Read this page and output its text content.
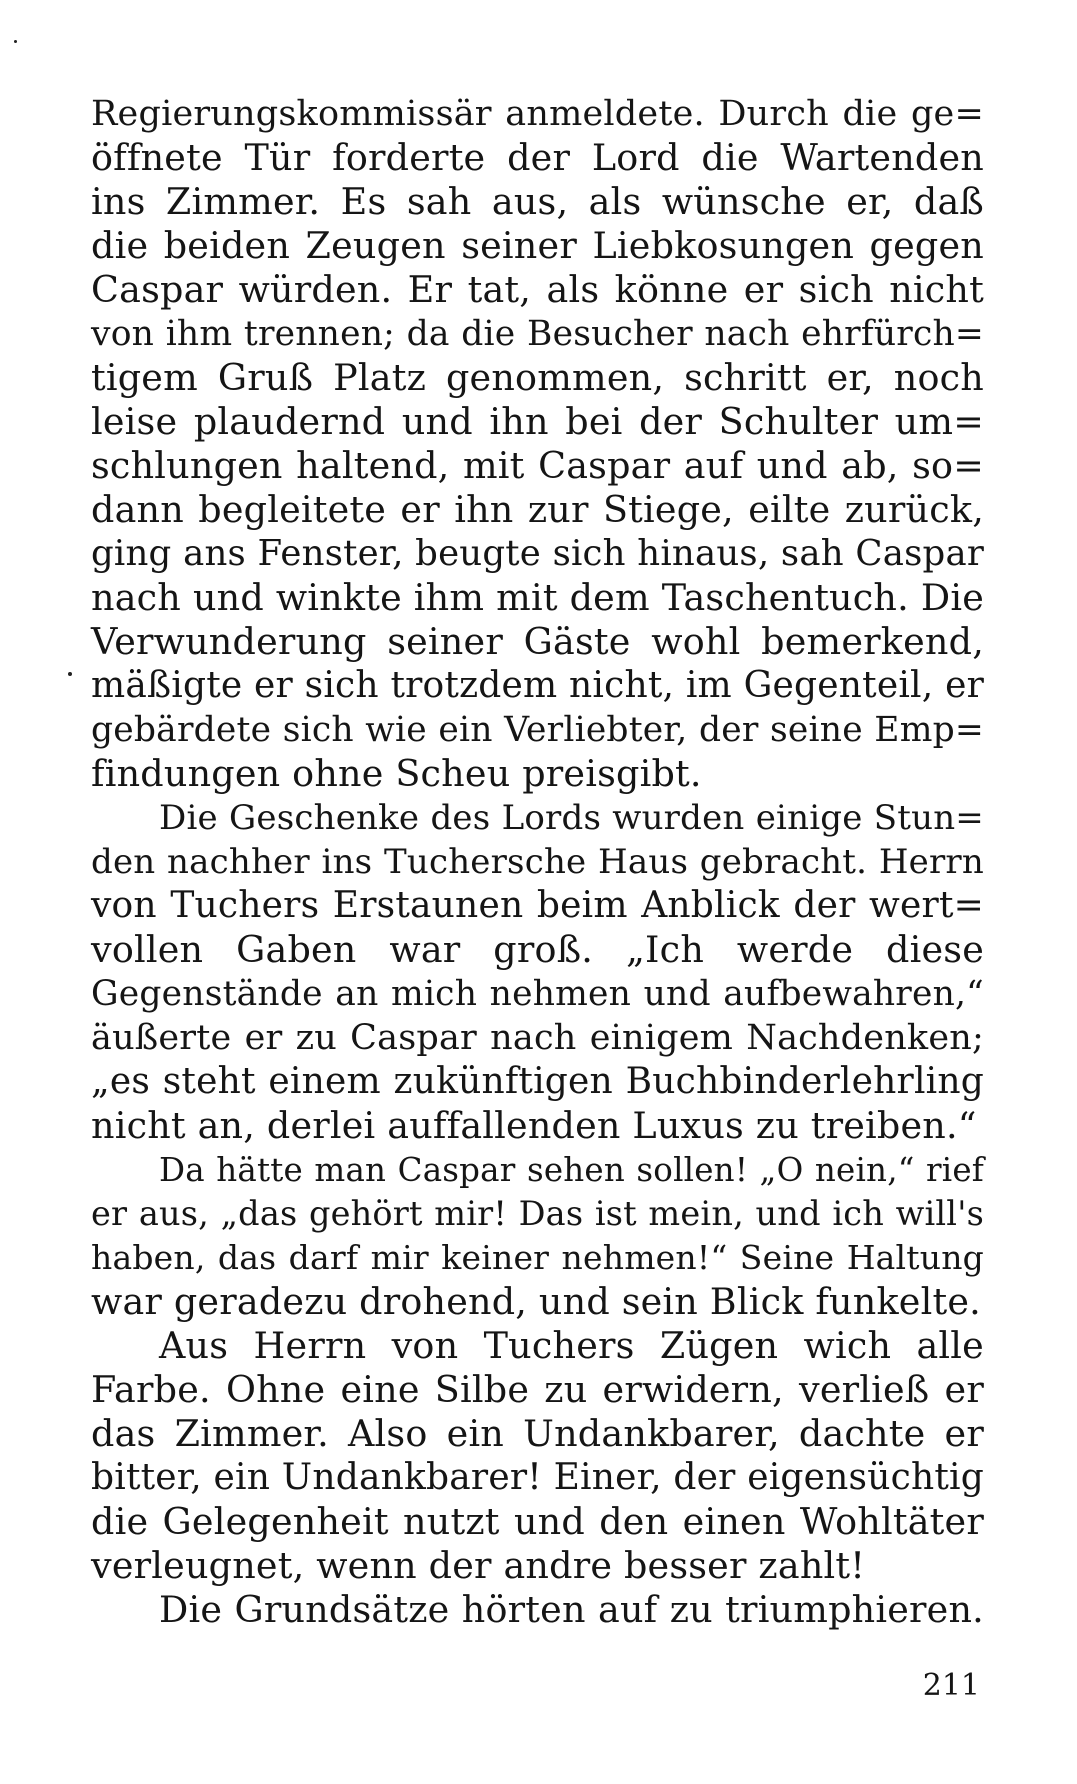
Regierungskommissär anmeldete. Durch die ge=
öffnete Tür forderte der Lord die Wartenden
ins Zimmer. Es sah aus, als wünsche er, daß
die beiden Zeugen seiner Liebkosungen gegen
Caspar würden. Er tat, als könne er sich nicht
von ihm trennen; da die Besucher nach ehrfürch=
tigem Gruß Platz genommen, schritt er, noch
leise plaudernd und ihn bei der Schulter um=
schlungen haltend, mit Caspar auf und ab, so=
dann begleitete er ihn zur Stiege, eilte zurück,
ging ans Fenster, beugte sich hinaus, sah Caspar
nach und winkte ihm mit dem Taschentuch. Die
Verwunderung seiner Gäste wohl bemerkend,
mäßigte er sich trotzdem nicht, im Gegenteil, er
gebärdete sich wie ein Verliebter, der seine Emp=
findungen ohne Scheu preisgibt.
Die Geschenke des Lords wurden einige Stun=
den nachher ins Tuchersche Haus gebracht. Herrn
von Tuchers Erstaunen beim Anblick der wert=
vollen Gaben war groß. „Ich werde diese
Gegenstände an mich nehmen und aufbewahren,“
äußerte er zu Caspar nach einigem Nachdenken;
„es steht einem zukünftigen Buchbinderlehrling
nicht an, derlei auffallenden Luxus zu treiben.“
Da hätte man Caspar sehen sollen! „O nein,“ rief
er aus, „das gehört mir! Das ist mein, und ich will's
haben, das darf mir keiner nehmen!“ Seine Haltung
war geradezu drohend, und sein Blick funkelte.
Aus Herrn von Tuchers Zügen wich alle
Farbe. Ohne eine Silbe zu erwidern, verließ er
das Zimmer. Also ein Undankbarer, dachte er
bitter, ein Undankbarer! Einer, der eigensüchtig
die Gelegenheit nutzt und den einen Wohltäter
verleugnet, wenn der andre besser zahlt!
Die Grundsätze hörten auf zu triumphieren.
211
